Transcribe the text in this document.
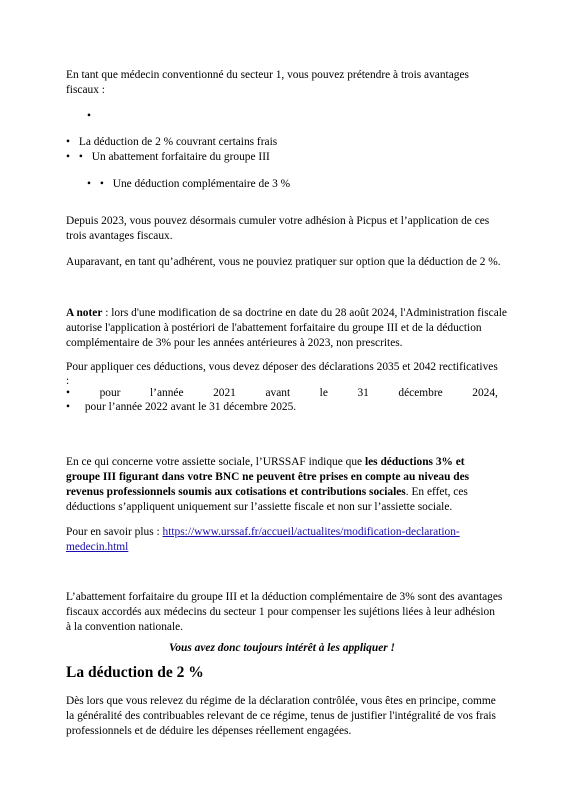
En tant que médecin conventionné du secteur 1, vous pouvez prétendre à trois avantages
fiscaux :
•
• La déduction de 2 % couvrant certains frais
• • Un abattement forfaitaire du groupe III
• • Une déduction complémentaire de 3 %
Depuis 2023, vous pouvez désormais cumuler votre adhésion à Picpus et l’application de ces
trois avantages fiscaux.
Auparavant, en tant qu’adhérent, vous ne pouviez pratiquer sur option que la déduction de 2 %.
A noter : lors d'une modification de sa doctrine en date du 28 août 2024, l'Administration fiscale
autorise l'application à postériori de l'abattement forfaitaire du groupe III et de la déduction
complémentaire de 3% pour les années antérieures à 2023, non prescrites.
Pour appliquer ces déductions, vous devez déposer des déclarations 2035 et 2042 rectificatives
:
•	pour	l’année	2021	avant	le	31	décembre	2024,
• pour l’année 2022 avant le 31 décembre 2025.
En ce qui concerne votre assiette sociale, l’URSSAF indique que les déductions 3% et
groupe III figurant dans votre BNC ne peuvent être prises en compte au niveau des
revenus professionnels soumis aux cotisations et contributions sociales. En effet, ces
déductions s’appliquent uniquement sur l’assiette fiscale et non sur l’assiette sociale.
Pour en savoir plus : https://www.urssaf.fr/accueil/actualites/modification-declaration-
medecin.html
L’abattement forfaitaire du groupe III et la déduction complémentaire de 3% sont des avantages
fiscaux accordés aux médecins du secteur 1 pour compenser les sujétions liées à leur adhésion
à la convention nationale.
Vous avez donc toujours intérêt à les appliquer !
La déduction de 2 %
Dès lors que vous relevez du régime de la déclaration contrôlée, vous êtes en principe, comme
la généralité des contribuables relevant de ce régime, tenus de justifier l'intégralité de vos frais
professionnels et de déduire les dépenses réellement engagées.
